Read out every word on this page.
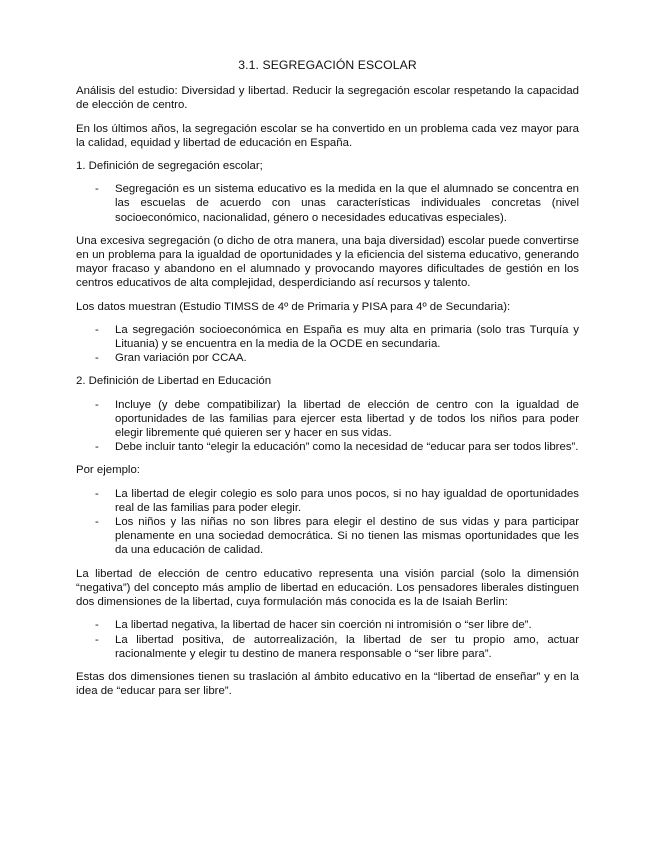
3.1. SEGREGACIÓN ESCOLAR

Análisis del estudio: Diversidad y libertad. Reducir la segregación escolar respetando la capacidad de elección de centro.

En los últimos años, la segregación escolar se ha convertido en un problema cada vez mayor para la calidad, equidad y libertad de educación en España.

1. Definición de segregación escolar;

- Segregación es un sistema educativo es la medida en la que el alumnado se concentra en las escuelas de acuerdo con unas características individuales concretas (nivel socioeconómico, nacionalidad, género o necesidades educativas especiales).

Una excesiva segregación (o dicho de otra manera, una baja diversidad) escolar puede convertirse en un problema para la igualdad de oportunidades y la eficiencia del sistema educativo, generando mayor fracaso y abandono en el alumnado y provocando mayores dificultades de gestión en los centros educativos de alta complejidad, desperdiciando así recursos y talento.

Los datos muestran (Estudio TIMSS de 4º de Primaria y PISA para 4º de Secundaria):

- La segregación socioeconómica en España es muy alta en primaria (solo tras Turquía y Lituania) y se encuentra en la media de la OCDE en secundaria.
- Gran variación por CCAA.

2. Definición de Libertad en Educación

- Incluye (y debe compatibilizar) la libertad de elección de centro con la igualdad de oportunidades de las familias para ejercer esta libertad y de todos los niños para poder elegir libremente qué quieren ser y hacer en sus vidas.
- Debe incluir tanto “elegir la educación” como la necesidad de “educar para ser todos libres”.

Por ejemplo:

- La libertad de elegir colegio es solo para unos pocos, si no hay igualdad de oportunidades real de las familias para poder elegir.
- Los niños y las niñas no son libres para elegir el destino de sus vidas y para participar plenamente en una sociedad democrática. Si no tienen las mismas oportunidades que les da una educación de calidad.

La libertad de elección de centro educativo representa una visión parcial (solo la dimensión “negativa”) del concepto más amplio de libertad en educación. Los pensadores liberales distinguen dos dimensiones de la libertad, cuya formulación más conocida es la de Isaiah Berlin:

- La libertad negativa, la libertad de hacer sin coerción ni intromisión o “ser libre de”.
- La libertad positiva, de autorrealización, la libertad de ser tu propio amo, actuar racionalmente y elegir tu destino de manera responsable o “ser libre para”.

Estas dos dimensiones tienen su traslación al ámbito educativo en la “libertad de enseñar” y en la idea de “educar para ser libre”.
